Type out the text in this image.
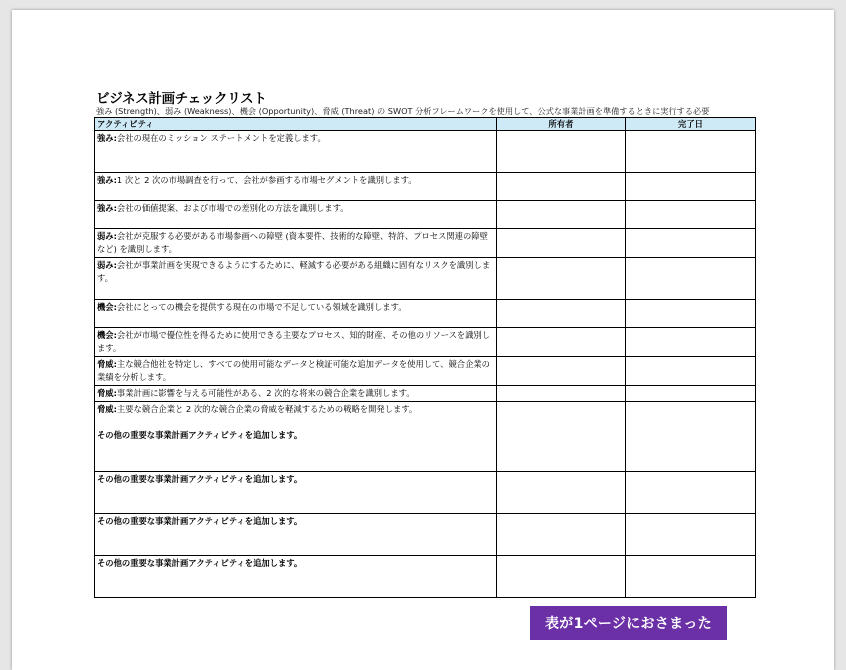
ビジネス計画チェックリスト
強み (Strength)、弱み (Weakness)、機会 (Opportunity)、脅威 (Threat) の SWOT 分析フレームワークを使用して、公式な事業計画を準備するときに実行する必要
アクティビティ	所有者	完了日
強み:会社の現在のミッション ステートメントを定義します。		
強み:1 次と 2 次の市場調査を行って、会社が参画する市場セグメントを識別します。		
強み:会社の価値提案、および市場での差別化の方法を識別します。		
弱み:会社が克服する必要がある市場参画への障壁 (資本要件、技術的な障壁、特許、プロセス関連の障壁など) を識別します。		
弱み:会社が事業計画を実現できるようにするために、軽減する必要がある組織に固有なリスクを識別します。		
機会:会社にとっての機会を提供する現在の市場で不足している領域を識別します。		
機会:会社が市場で優位性を得るために使用できる主要なプロセス、知的財産、その他のリソースを識別します。		
脅威:主な競合他社を特定し、すべての使用可能なデータと検証可能な追加データを使用して、競合企業の業績を分析します。		
脅威:事業計画に影響を与える可能性がある、2 次的な将来の競合企業を識別します。		
脅威:主要な競合企業と 2 次的な競合企業の脅威を軽減するための戦略を開発します。
その他の重要な事業計画アクティビティを追加します。		

その他の重要な事業計画アクティビティを追加します。		
その他の重要な事業計画アクティビティを追加します。		
その他の重要な事業計画アクティビティを追加します。		
表が1ページにおさまった
